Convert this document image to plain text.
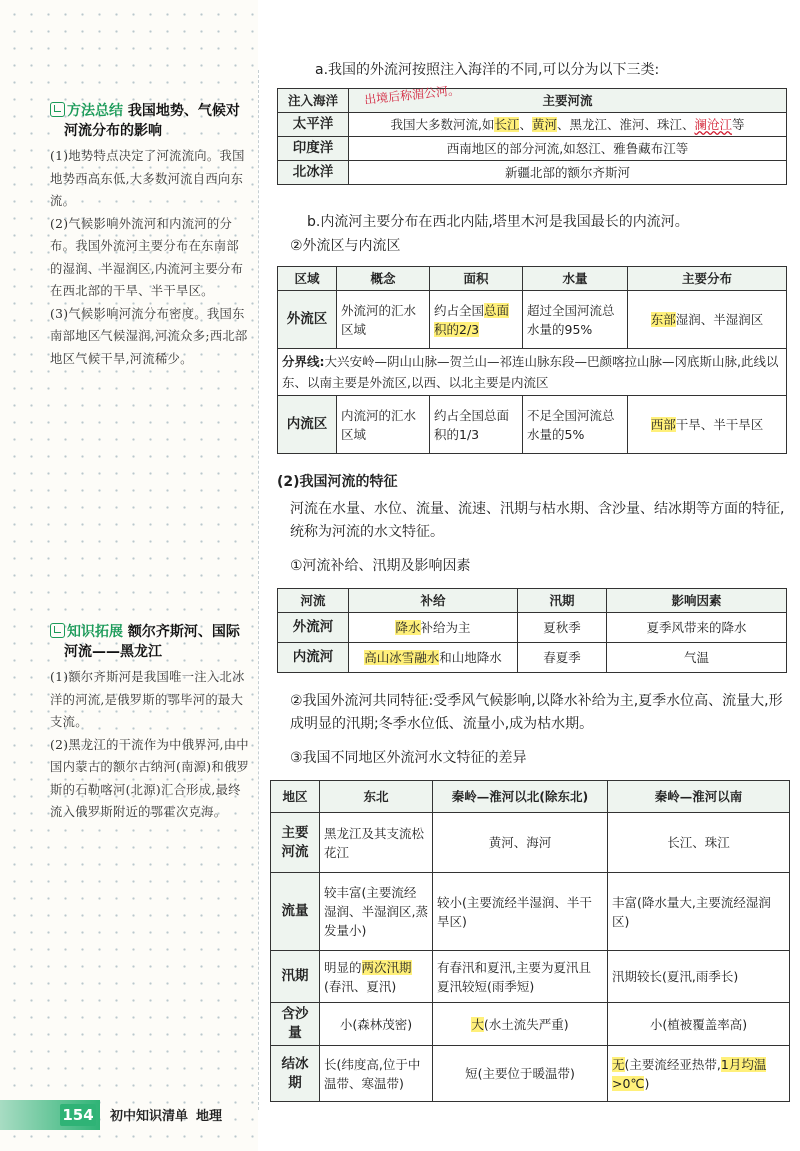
方法总结 我国地势、气候对
河流分布的影响

(1)地势特点决定了河流流向。我国地势西高东低,大多数河流自西向东流。

(2)气候影响外流河和内流河的分布。我国外流河主要分布在东南部的湿润、半湿润区,内流河主要分布在西北部的干旱、半干旱区。

(3)气候影响河流分布密度。我国东南部地区气候湿润,河流众多;西北部地区气候干旱,河流稀少。

知识拓展 额尔齐斯河、国际
河流——黑龙江

(1)额尔齐斯河是我国唯一注入北冰洋的河流,是俄罗斯的鄂毕河的最大支流。

(2)黑龙江的干流作为中俄界河,由中国内蒙古的额尔古纳河(南源)和俄罗斯的石勒喀河(北源)汇合形成,最终流入俄罗斯附近的鄂霍次克海。

a.我国的外流河按照注入海洋的不同,可以分为以下三类:
注入海洋	主要河流
太平洋	我国大多数河流,如长江、黄河、黑龙江、淮河、珠江、澜沧江等
印度洋	西南地区的部分河流,如怒江、雅鲁藏布江等
北冰洋	新疆北部的额尔齐斯河
出境后称湄公河。
b.内流河主要分布在西北内陆,塔里木河是我国最长的内流河。
②外流区与内流区
区域	概念	面积	水量	主要分布
外流区	外流河的汇水区域	约占全国总面积的2/3	超过全国河流总水量的95%	东部湿润、半湿润区
分界线:大兴安岭—阴山山脉—贺兰山—祁连山脉东段—巴颜喀拉山脉—冈底斯山脉,此线以东、以南主要是外流区,以西、以北主要是内流区				
内流区	内流河的汇水区域	约占全国总面积的1/3	不足全国河流总水量的5%	西部干旱、半干旱区
(2)我国河流的特征
河流在水量、水位、流量、流速、汛期与枯水期、含沙量、结冰期等方面的特征,统称为河流的水文特征。
①河流补给、汛期及影响因素
河流	补给	汛期	影响因素
外流河	降水补给为主	夏秋季	夏季风带来的降水
内流河	高山冰雪融水和山地降水	春夏季	气温
②我国外流河共同特征:受季风气候影响,以降水补给为主,夏季水位高、流量大,形成明显的汛期;冬季水位低、流量小,成为枯水期。
③我国不同地区外流河水文特征的差异
地区	东北	秦岭—淮河以北(除东北)	秦岭—淮河以南
主要河流	黑龙江及其支流松花江	黄河、海河	长江、珠江
流量	较丰富(主要流经湿润、半湿润区,蒸发量小)	较小(主要流经半湿润、半干旱区)	丰富(降水量大,主要流经湿润区)
汛期	明显的两次汛期(春汛、夏汛)	有春汛和夏汛,主要为夏汛且夏汛较短(雨季短)	汛期较长(夏汛,雨季长)
含沙量	小(森林茂密)	大(水土流失严重)	小(植被覆盖率高)
结冰期	长(纬度高,位于中温带、寒温带)	短(主要位于暖温带)	无(主要流经亚热带,1月均温>0℃)
154 初中知识清单 地理
